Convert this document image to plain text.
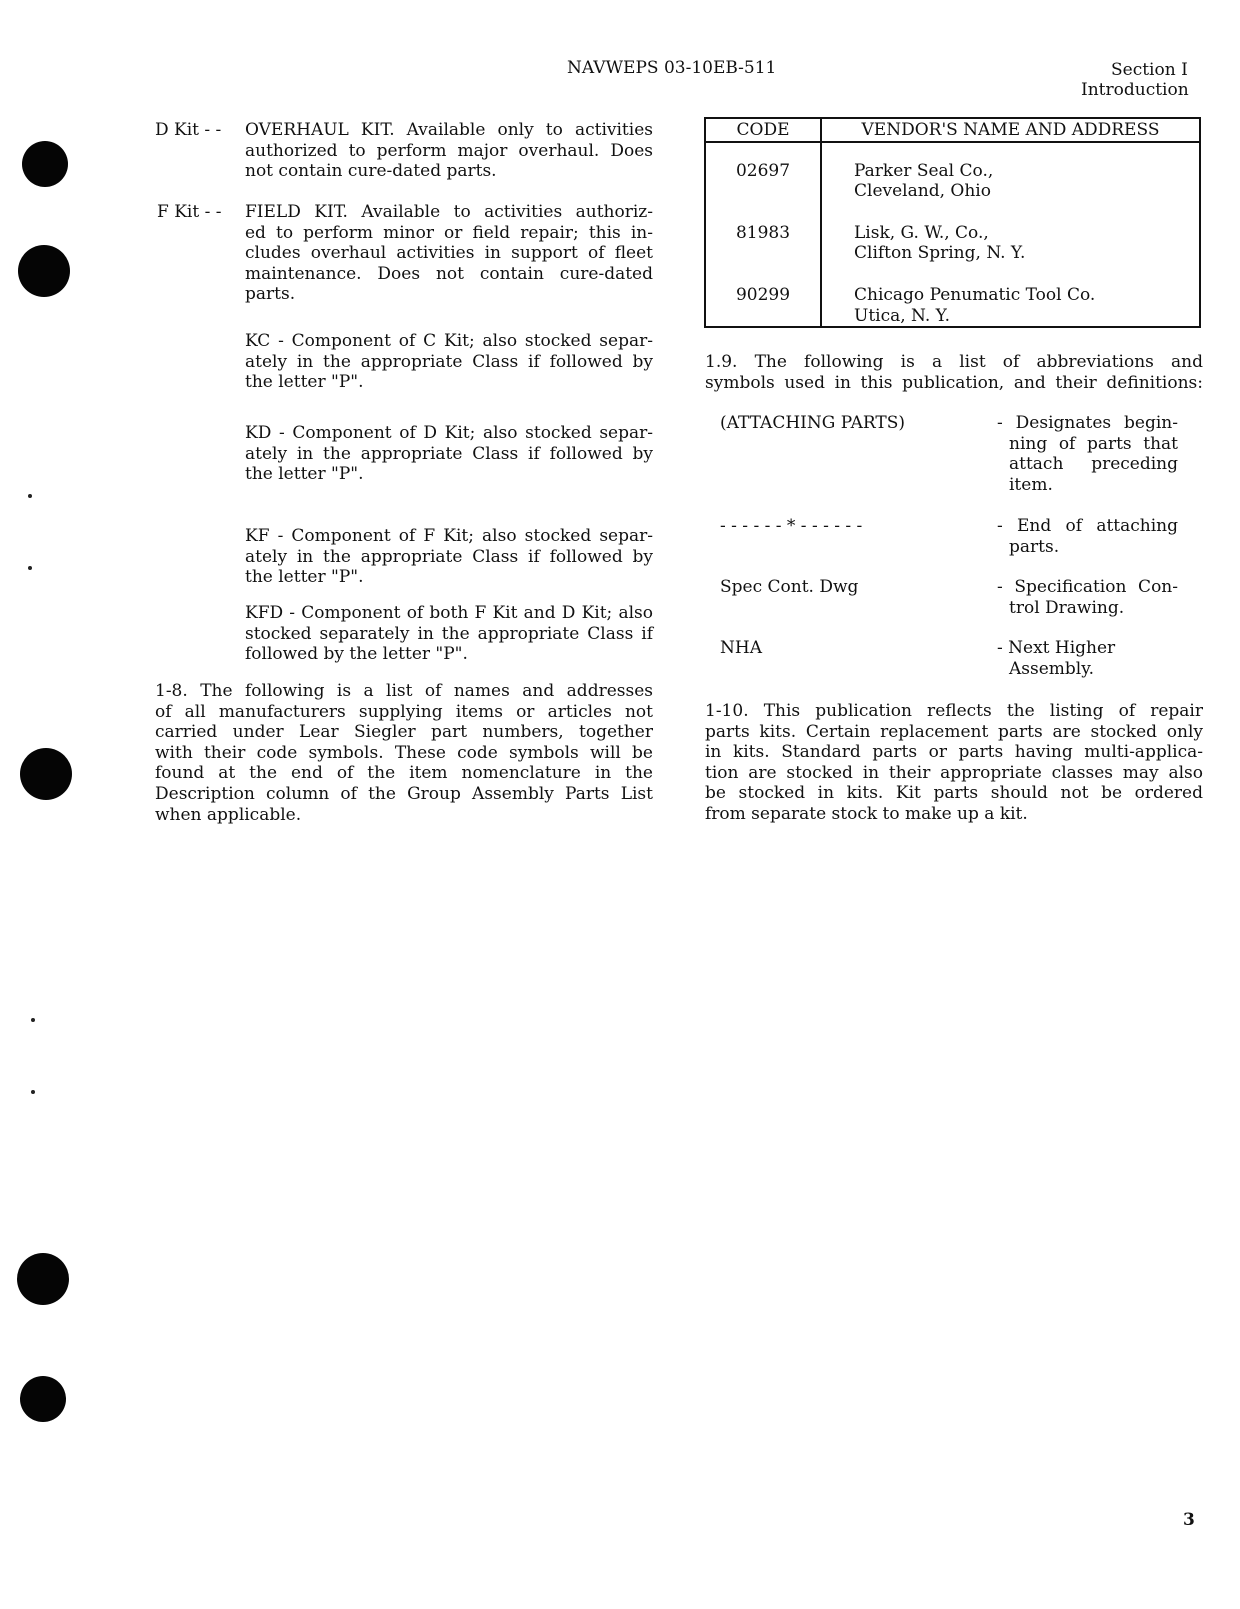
NAVWEPS 03-10EB-511	Section I
Introduction
D Kit - - OVERHAUL KIT. Available only to activities
authorized to perform major overhaul. Does
not contain cure-dated parts.
F Kit - - FIELD KIT. Available to activities authoriz-
ed to perform minor or field repair; this in-
cludes overhaul activities in support of fleet
maintenance. Does not contain cure-dated
parts.
KC - Component of C Kit; also stocked separ-
ately in the appropriate Class if followed by
the letter "P".
KD - Component of D Kit; also stocked separ-
ately in the appropriate Class if followed by
the letter "P".
KF - Component of F Kit; also stocked separ-
ately in the appropriate Class if followed by
the letter "P".
KFD - Component of both F Kit and D Kit; also
stocked separately in the appropriate Class if
followed by the letter "P".
1-8. The following is a list of names and addresses
of all manufacturers supplying items or articles not
carried under Lear Siegler part numbers, together
with their code symbols. These code symbols will be
found at the end of the item nomenclature in the
Description column of the Group Assembly Parts List
when applicable.
CODE	VENDOR'S NAME AND ADDRESS
02697	Parker Seal Co.,
Cleveland, Ohio

81983	Lisk, G. W., Co.,
Clifton Spring, N. Y.

90299	Chicago Penumatic Tool Co.
Utica, N. Y.
1.9. The following is a list of abbreviations and
symbols used in this publication, and their definitions:
(ATTACHING PARTS)	- Designates begin-
ning of parts that
attach preceding
item.
- - - - - - * - - - - - -	- End of attaching
parts.
Spec Cont. Dwg	- Specification Con-
trol Drawing.
NHA	- Next Higher
Assembly.
1-10. This publication reflects the listing of repair
parts kits. Certain replacement parts are stocked only
in kits. Standard parts or parts having multi-applica-
tion are stocked in their appropriate classes may also
be stocked in kits. Kit parts should not be ordered
from separate stock to make up a kit.
3
